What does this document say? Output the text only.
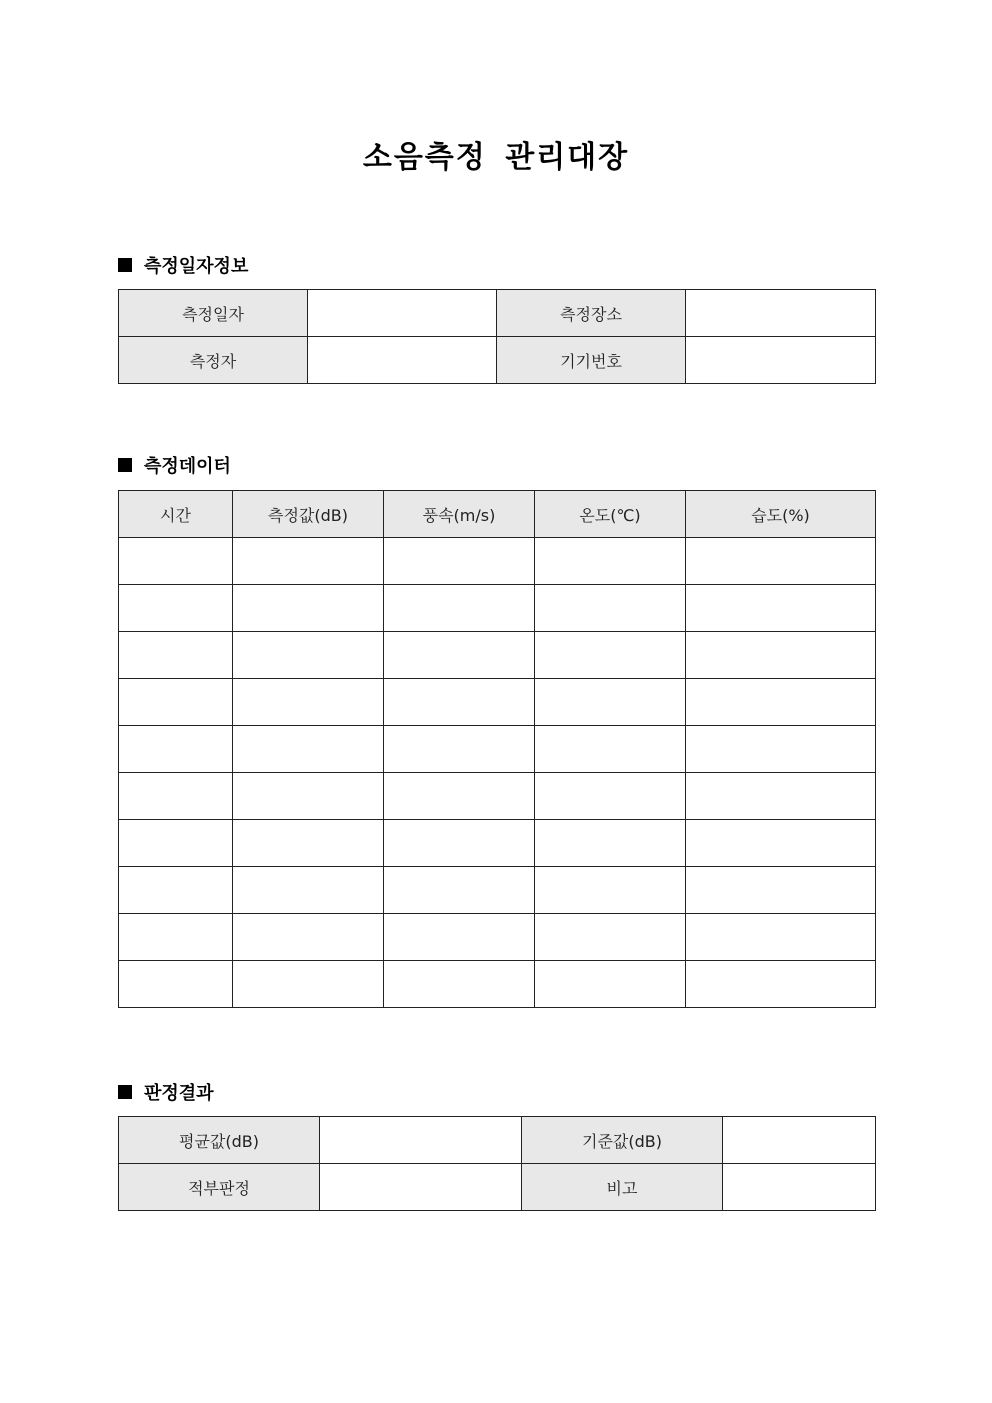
소음측정 관리대장
측정일자정보
측정일자		측정장소	
측정자		기기번호	
측정데이터
시간	측정값(dB)	풍속(m/s)	온도(℃)	습도(%)

판정결과
평균값(dB)		기준값(dB)	
적부판정		비고	
